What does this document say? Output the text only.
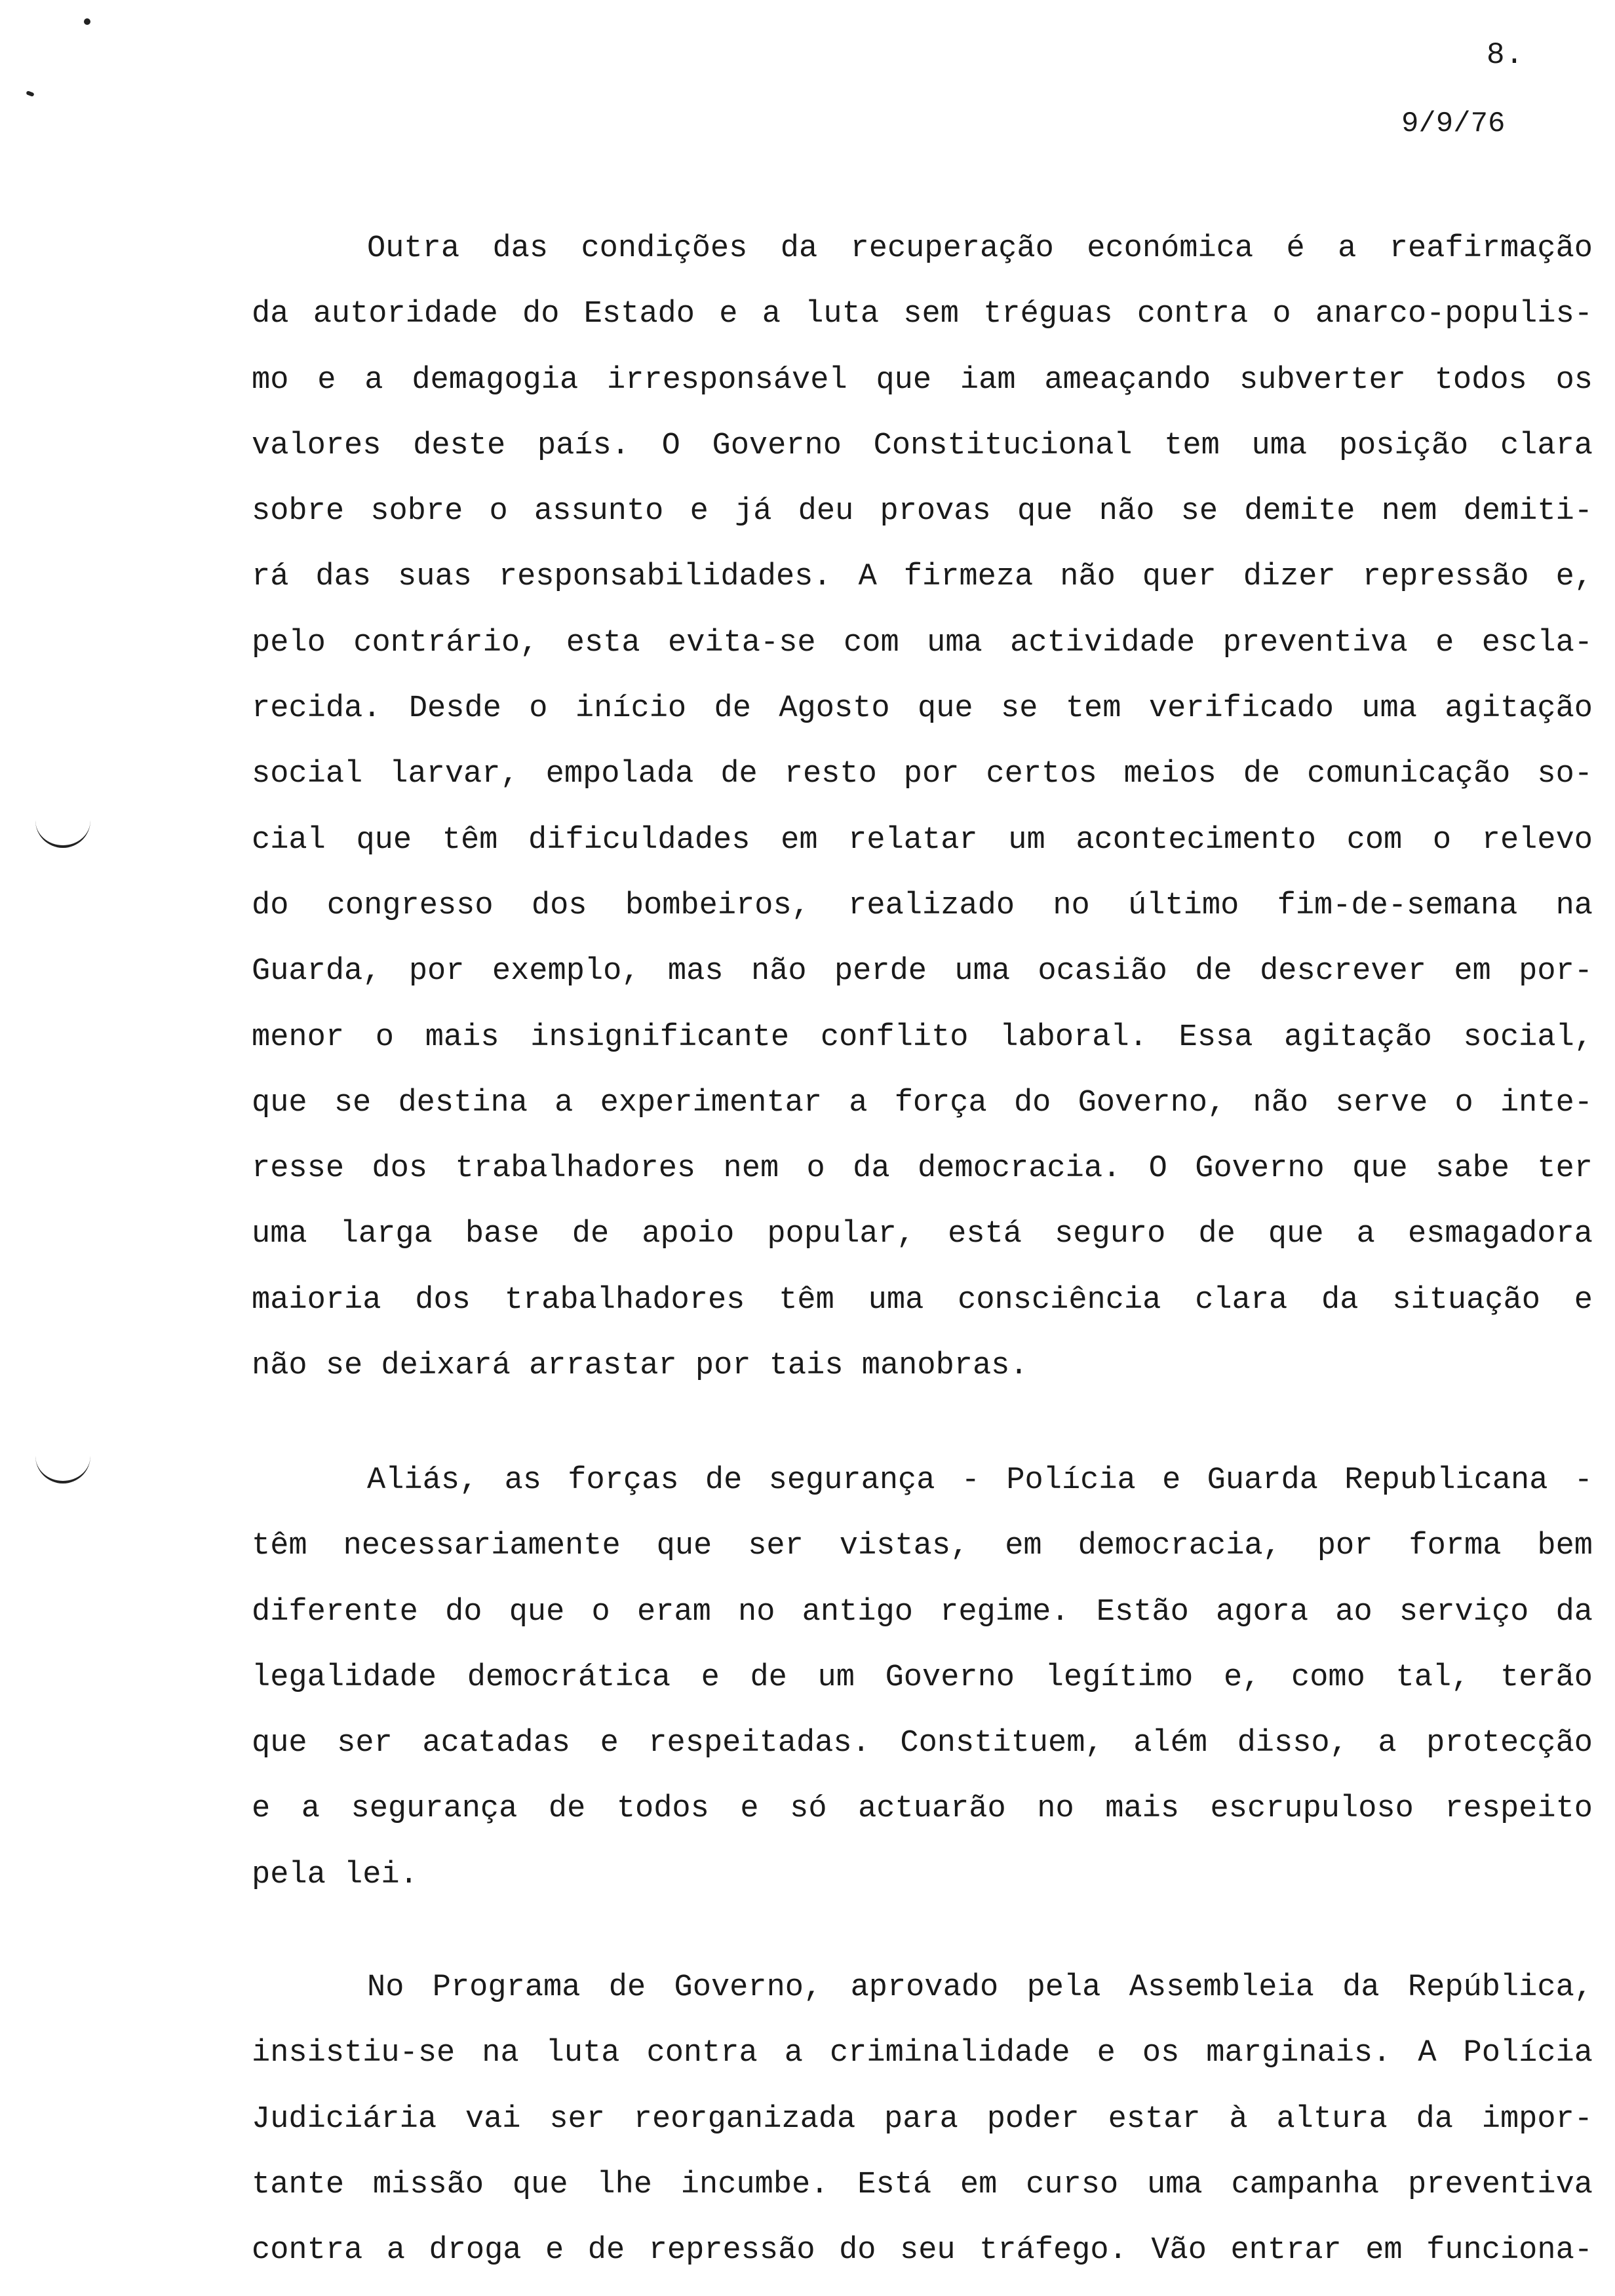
8.
9/9/76
Outra das condições da recuperação económica é a reafirmação
da autoridade do Estado e a luta sem tréguas contra o anarco-populis-
mo e a demagogia irresponsável que iam ameaçando subverter todos os
valores deste país. O Governo Constitucional tem uma posição clara
sobre sobre o assunto e já deu provas que não se demite nem demiti-
rá das suas responsabilidades. A firmeza não quer dizer repressão e,
pelo contrário, esta evita-se com uma actividade preventiva e escla-
recida. Desde o início de Agosto que se tem verificado uma agitação
social larvar, empolada de resto por certos meios de comunicação so-
cial que têm dificuldades em relatar um acontecimento com o relevo
do congresso dos bombeiros, realizado no último fim-de-semana na
Guarda, por exemplo, mas não perde uma ocasião de descrever em por-
menor o mais insignificante conflito laboral. Essa agitação social,
que se destina a experimentar a força do Governo, não serve o inte-
resse dos trabalhadores nem o da democracia. O Governo que sabe ter
uma larga base de apoio popular, está seguro de que a esmagadora
maioria dos trabalhadores têm uma consciência clara da situação e
não se deixará arrastar por tais manobras.
Aliás, as forças de segurança - Polícia e Guarda Republicana -
têm necessariamente que ser vistas, em democracia, por forma bem
diferente do que o eram no antigo regime. Estão agora ao serviço da
legalidade democrática e de um Governo legítimo e, como tal, terão
que ser acatadas e respeitadas. Constituem, além disso, a protecção
e a segurança de todos e só actuarão no mais escrupuloso respeito
pela lei.
No Programa de Governo, aprovado pela Assembleia da República,
insistiu-se na luta contra a criminalidade e os marginais. A Polícia
Judiciária vai ser reorganizada para poder estar à altura da impor-
tante missão que lhe incumbe. Está em curso uma campanha preventiva
contra a droga e de repressão do seu tráfego. Vão entrar em funciona-
